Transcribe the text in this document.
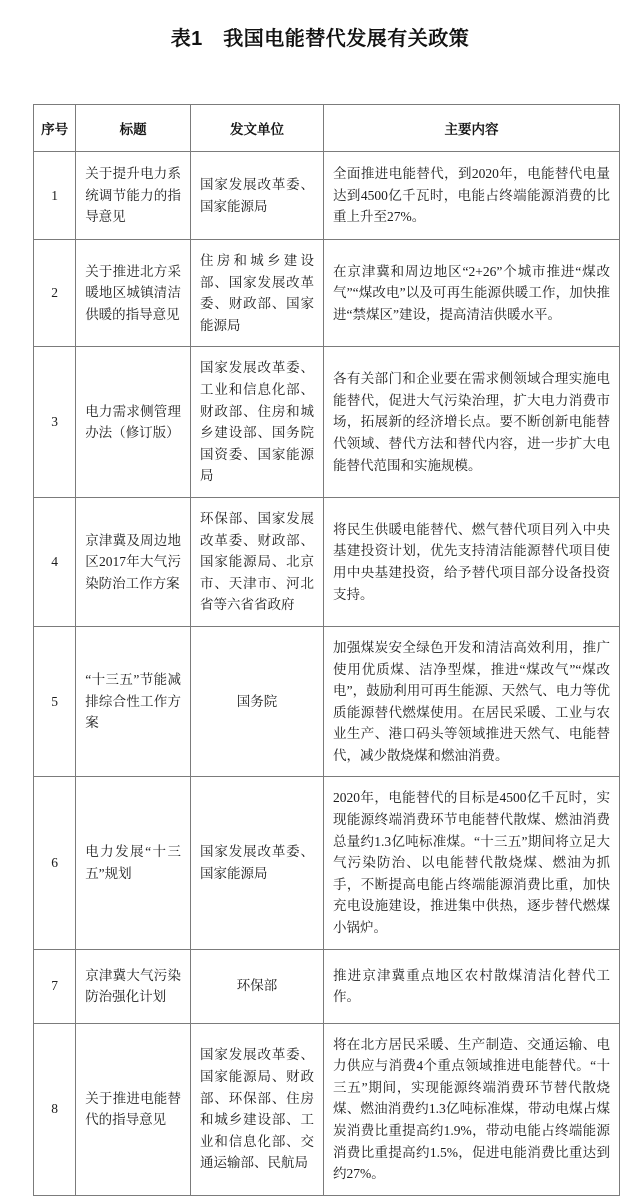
表1　我国电能替代发展有关政策
序号	标题	发文单位	主要内容
1	关于提升电力系统调节能力的指导意见	国家发展改革委、国家能源局	全面推进电能替代，到2020年，电能替代电量达到4500亿千瓦时，电能占终端能源消费的比重上升至27%。
2	关于推进北方采暖地区城镇清洁供暖的指导意见	住房和城乡建设部、国家发展改革委、财政部、国家能源局	在京津冀和周边地区“2+26”个城市推进“煤改气”“煤改电”以及可再生能源供暖工作，加快推进“禁煤区”建设，提高清洁供暖水平。
3	电力需求侧管理办法（修订版）	国家发展改革委、工业和信息化部、财政部、住房和城乡建设部、国务院国资委、国家能源局	各有关部门和企业要在需求侧领域合理实施电能替代，促进大气污染治理，扩大电力消费市场，拓展新的经济增长点。要不断创新电能替代领域、替代方法和替代内容，进一步扩大电能替代范围和实施规模。
4	京津冀及周边地区2017年大气污染防治工作方案	环保部、国家发展改革委、财政部、国家能源局、北京市、天津市、河北省等六省省政府	将民生供暖电能替代、燃气替代项目列入中央基建投资计划，优先支持清洁能源替代项目使用中央基建投资，给予替代项目部分设备投资支持。
5	“十三五”节能减排综合性工作方案	国务院	加强煤炭安全绿色开发和清洁高效利用，推广使用优质煤、洁净型煤，推进“煤改气”“煤改电”，鼓励利用可再生能源、天然气、电力等优质能源替代燃煤使用。在居民采暖、工业与农业生产、港口码头等领域推进天然气、电能替代，减少散烧煤和燃油消费。
6	电力发展“十三五”规划	国家发展改革委、国家能源局	2020年，电能替代的目标是4500亿千瓦时，实现能源终端消费环节电能替代散煤、燃油消费总量约1.3亿吨标准煤。“十三五”期间将立足大气污染防治、以电能替代散烧煤、燃油为抓手，不断提高电能占终端能源消费比重，加快充电设施建设，推进集中供热，逐步替代燃煤小锅炉。
7	京津冀大气污染防治强化计划	环保部	推进京津冀重点地区农村散煤清洁化替代工作。
8	关于推进电能替代的指导意见	国家发展改革委、国家能源局、财政部、环保部、住房和城乡建设部、工业和信息化部、交通运输部、民航局	将在北方居民采暖、生产制造、交通运输、电力供应与消费4个重点领域推进电能替代。“十三五”期间，实现能源终端消费环节替代散烧煤、燃油消费约1.3亿吨标准煤，带动电煤占煤炭消费比重提高约1.9%，带动电能占终端能源消费比重提高约1.5%，促进电能消费比重达到约27%。
